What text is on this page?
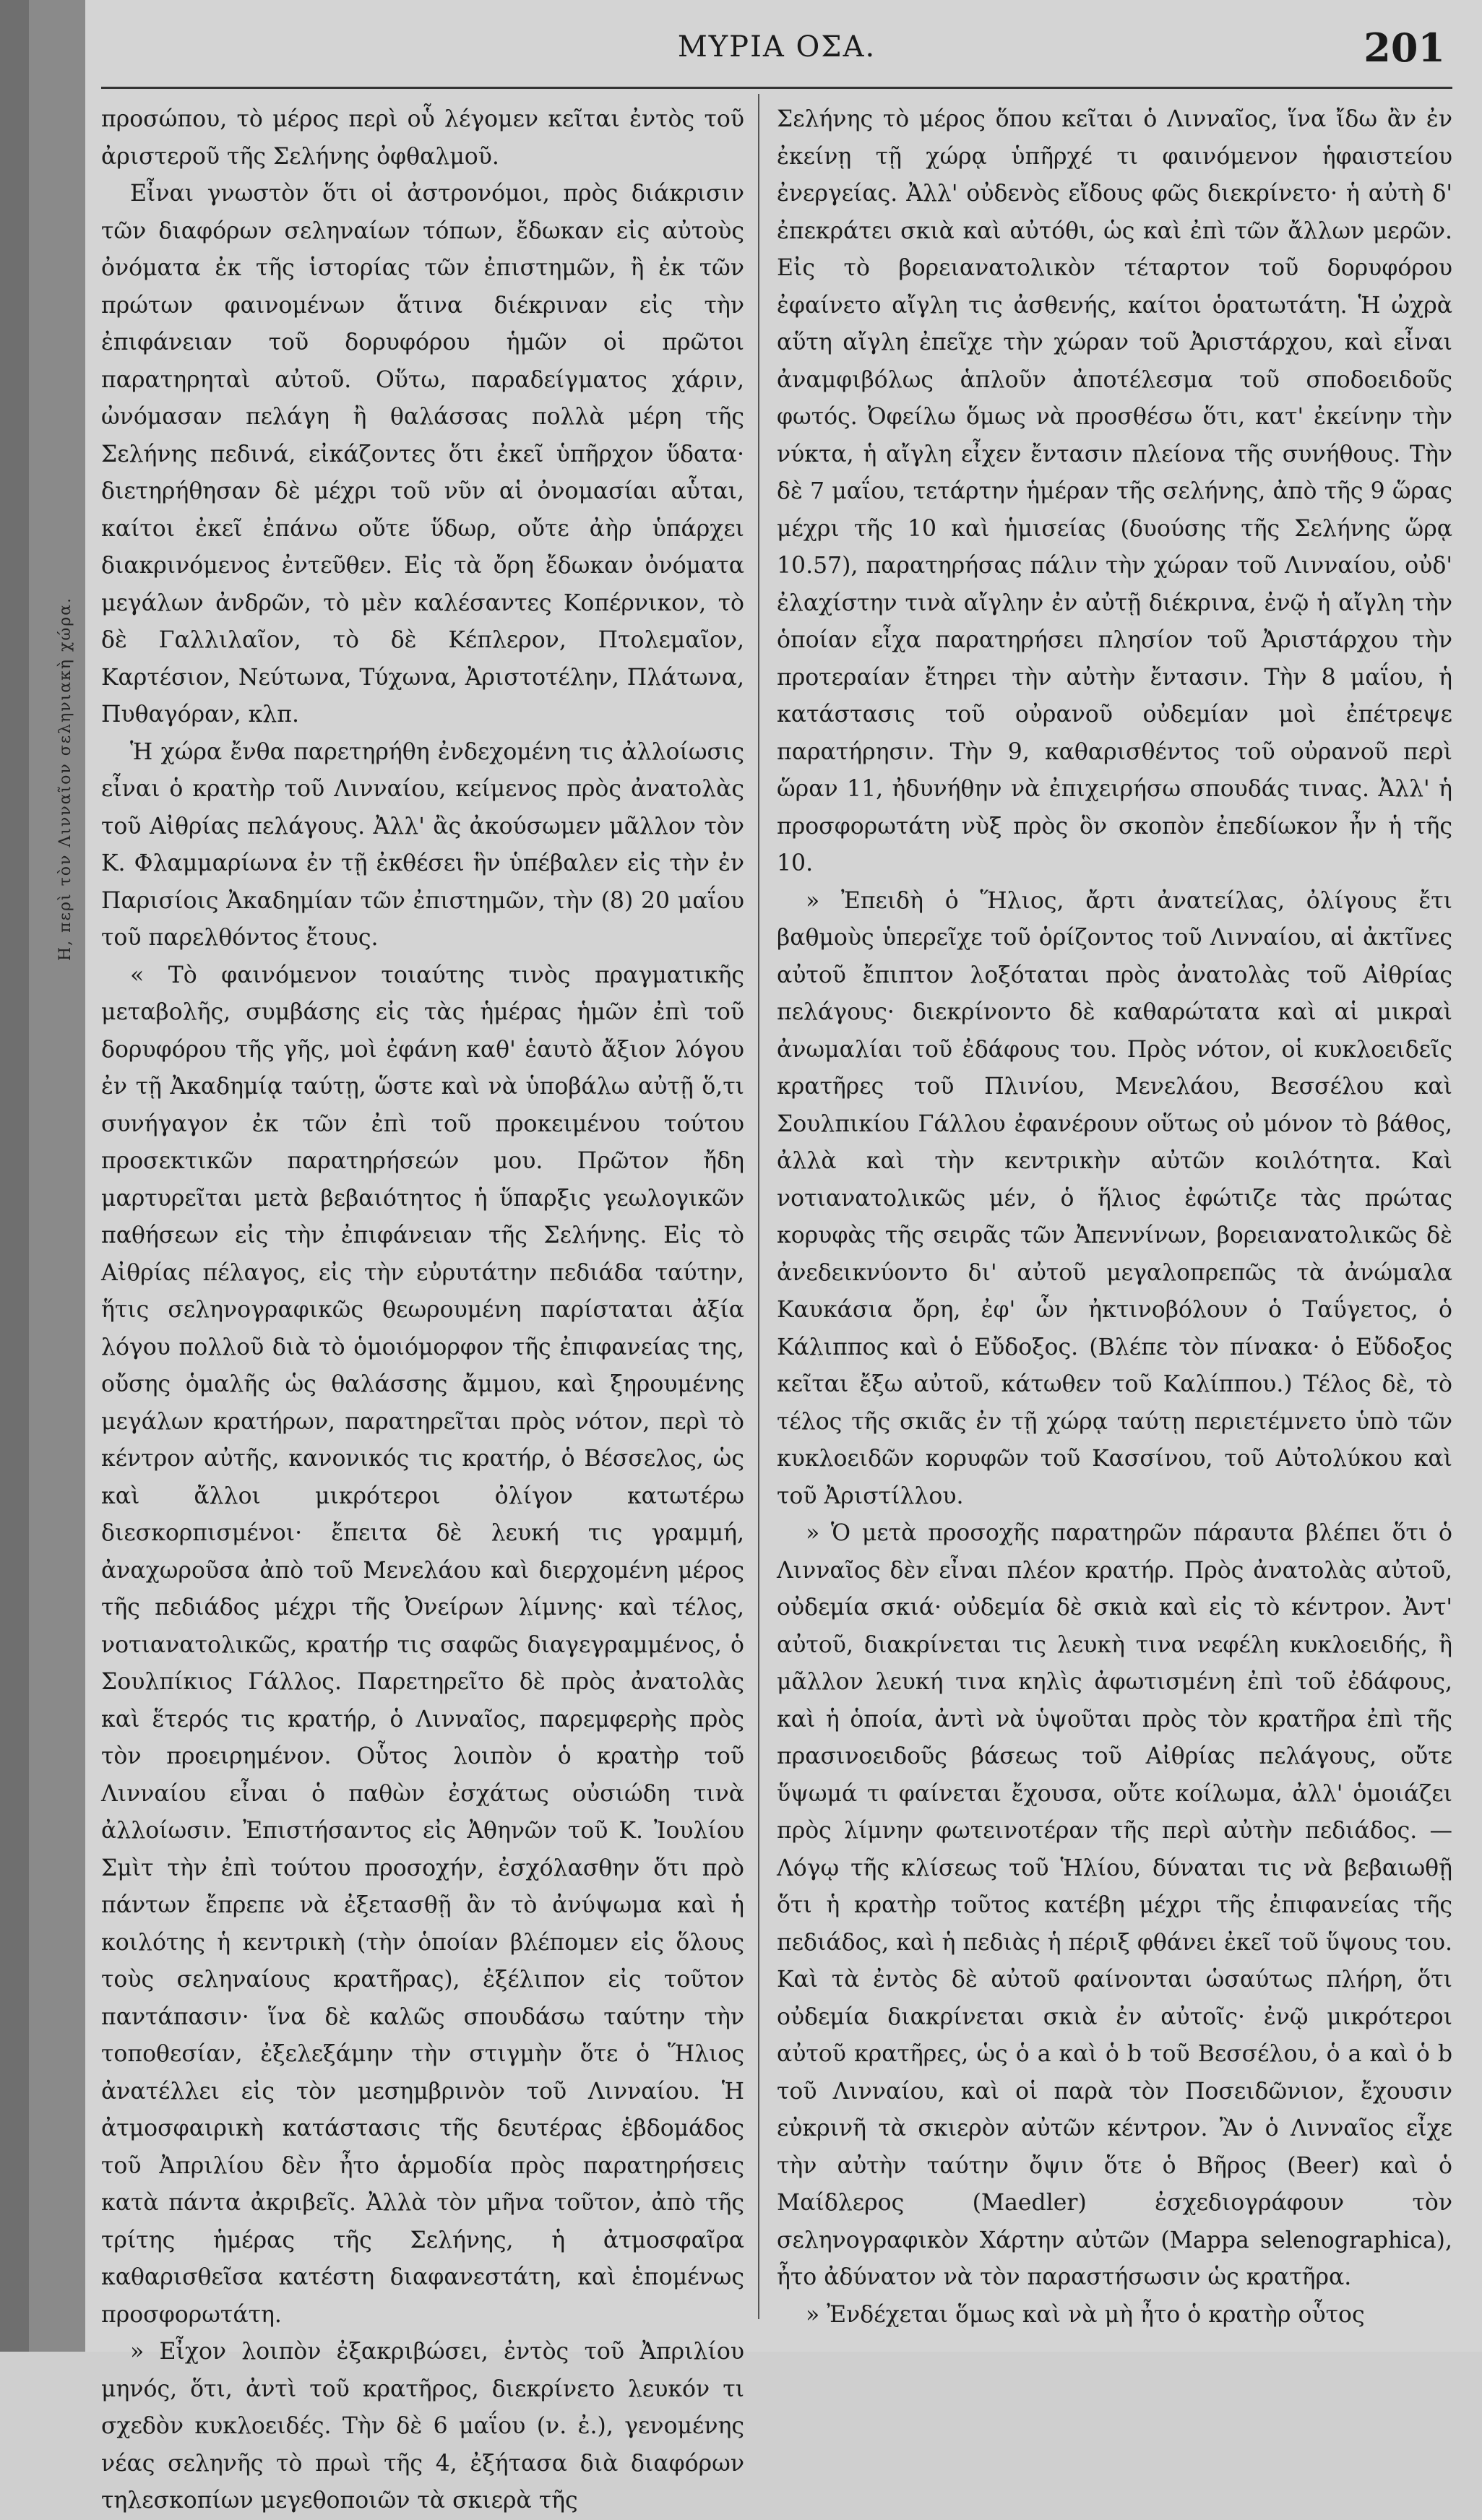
Η, περὶ τὸν Λινναῖον σεληνιακὴ χώρα.
ΜΥΡΙΑ ΟΣΑ.	201

προσώπου, τὸ μέρος περὶ οὗ λέγομεν κεῖται ἐντὸς τοῦ ἀριστεροῦ τῆς Σελήνης ὀφθαλμοῦ.

Εἶναι γνωστὸν ὅτι οἱ ἀστρονόμοι, πρὸς διάκρισιν τῶν διαφόρων σεληναίων τόπων, ἔδωκαν εἰς αὐτοὺς ὀνόματα ἐκ τῆς ἱστορίας τῶν ἐπιστημῶν, ἢ ἐκ τῶν πρώτων φαινομένων ἅτινα διέκριναν εἰς τὴν ἐπιφάνειαν τοῦ δορυφόρου ἡμῶν οἱ πρῶτοι παρατηρηταὶ αὐτοῦ. Οὕτω, παραδείγματος χάριν, ὠνόμασαν πελάγη ἢ θαλάσσας πολλὰ μέρη τῆς Σελήνης πεδινά, εἰκάζοντες ὅτι ἐκεῖ ὑπῆρχον ὕδατα· διετηρήθησαν δὲ μέχρι τοῦ νῦν αἱ ὀνομασίαι αὗται, καίτοι ἐκεῖ ἐπάνω οὔτε ὕδωρ, οὔτε ἀὴρ ὑπάρχει διακρινόμενος ἐντεῦθεν. Εἰς τὰ ὄρη ἔδωκαν ὀνόματα μεγάλων ἀνδρῶν, τὸ μὲν καλέσαντες Κοπέρνικον, τὸ δὲ Γαλλιλαῖον, τὸ δὲ Κέπλερον, Πτολεμαῖον, Καρτέσιον, Νεύτωνα, Τύχωνα, Ἀριστοτέλην, Πλάτωνα, Πυθαγόραν, κλπ.

Ἡ χώρα ἔνθα παρετηρήθη ἐνδεχομένη τις ἀλλοίωσις εἶναι ὁ κρατὴρ τοῦ Λινναίου, κείμενος πρὸς ἀνατολὰς τοῦ Αἰθρίας πελάγους. Ἀλλ' ἂς ἀκούσωμεν μᾶλλον τὸν Κ. Φλαμμαρίωνα ἐν τῇ ἐκθέσει ἣν ὑπέβαλεν εἰς τὴν ἐν Παρισίοις Ἀκαδημίαν τῶν ἐπιστημῶν, τὴν (8) 20 μαΐου τοῦ παρελθόντος ἔτους.

« Τὸ φαινόμενον τοιαύτης τινὸς πραγματικῆς μεταβολῆς, συμβάσης εἰς τὰς ἡμέρας ἡμῶν ἐπὶ τοῦ δορυφόρου τῆς γῆς, μοὶ ἐφάνη καθ' ἑαυτὸ ἄξιον λόγου ἐν τῇ Ἀκαδημίᾳ ταύτῃ, ὥστε καὶ νὰ ὑποβάλω αὐτῇ ὅ,τι συνήγαγον ἐκ τῶν ἐπὶ τοῦ προκειμένου τούτου προσεκτικῶν παρατηρήσεών μου. Πρῶτον ἤδη μαρτυρεῖται μετὰ βεβαιότητος ἡ ὕπαρξις γεωλογικῶν παθήσεων εἰς τὴν ἐπιφάνειαν τῆς Σελήνης. Εἰς τὸ Αἰθρίας πέλαγος, εἰς τὴν εὐρυτάτην πεδιάδα ταύτην, ἥτις σεληνογραφικῶς θεωρουμένη παρίσταται ἀξία λόγου πολλοῦ διὰ τὸ ὁμοιόμορφον τῆς ἐπιφανείας της, οὔσης ὁμαλῆς ὡς θαλάσσης ἄμμου, καὶ ξηρουμένης μεγάλων κρατήρων, παρατηρεῖται πρὸς νότον, περὶ τὸ κέντρον αὐτῆς, κανονικός τις κρατήρ, ὁ Βέσσελος, ὡς καὶ ἄλλοι μικρότεροι ὀλίγον κατωτέρω διεσκορπισμένοι· ἔπειτα δὲ λευκή τις γραμμή, ἀναχωροῦσα ἀπὸ τοῦ Μενελάου καὶ διερχομένη μέρος τῆς πεδιάδος μέχρι τῆς Ὀνείρων λίμνης· καὶ τέλος, νοτιανατολικῶς, κρατήρ τις σαφῶς διαγεγραμμένος, ὁ Σουλπίκιος Γάλλος. Παρετηρεῖτο δὲ πρὸς ἀνατολὰς καὶ ἕτερός τις κρατήρ, ὁ Λινναῖος, παρεμφερὴς πρὸς τὸν προειρημένον. Οὗτος λοιπὸν ὁ κρατὴρ τοῦ Λινναίου εἶναι ὁ παθὼν ἐσχάτως οὐσιώδη τινὰ ἀλλοίωσιν. Ἐπιστήσαντος εἰς Ἀθηνῶν τοῦ Κ. Ἰουλίου Σμὶτ τὴν ἐπὶ τούτου προσοχήν, ἐσχόλασθην ὅτι πρὸ πάντων ἔπρεπε νὰ ἐξετασθῇ ἂν τὸ ἀνύψωμα καὶ ἡ κοιλότης ἡ κεντρικὴ (τὴν ὁποίαν βλέπομεν εἰς ὅλους τοὺς σεληναίους κρατῆρας), ἐξέλιπον εἰς τοῦτον παντάπασιν· ἵνα δὲ καλῶς σπουδάσω ταύτην τὴν τοποθεσίαν, ἐξελεξάμην τὴν στιγμὴν ὅτε ὁ Ἥλιος ἀνατέλλει εἰς τὸν μεσημβρινὸν τοῦ Λινναίου. Ἡ ἀτμοσφαιρικὴ κατάστασις τῆς δευτέρας ἑβδομάδος τοῦ Ἀπριλίου δὲν ἦτο ἁρμοδία πρὸς παρατηρήσεις κατὰ πάντα ἀκριβεῖς. Ἀλλὰ τὸν μῆνα τοῦτον, ἀπὸ τῆς τρίτης ἡμέρας τῆς Σελήνης, ἡ ἀτμοσφαῖρα καθαρισθεῖσα κατέστη διαφανεστάτη, καὶ ἑπομένως προσφορωτάτη.

» Εἶχον λοιπὸν ἐξακριβώσει, ἐντὸς τοῦ Ἀπριλίου μηνός, ὅτι, ἀντὶ τοῦ κρατῆρος, διεκρίνετο λευκόν τι σχεδὸν κυκλοειδές. Τὴν δὲ 6 μαΐου (ν. ἐ.), γενομένης νέας σεληνῆς τὸ πρωὶ τῆς 4, ἐξήτασα διὰ διαφόρων τηλεσκοπίων μεγεθοποιῶν τὰ σκιερὰ τῆς

Σελήνης τὸ μέρος ὅπου κεῖται ὁ Λινναῖος, ἵνα ἴδω ἂν ἐν ἐκείνῃ τῇ χώρᾳ ὑπῆρχέ τι φαινόμενον ἡφαιστείου ἐνεργείας. Ἀλλ' οὐδενὸς εἴδους φῶς διεκρίνετο· ἡ αὐτὴ δ' ἐπεκράτει σκιὰ καὶ αὐτόθι, ὡς καὶ ἐπὶ τῶν ἄλλων μερῶν. Εἰς τὸ βορειανατολικὸν τέταρτον τοῦ δορυφόρου ἐφαίνετο αἴγλη τις ἀσθενής, καίτοι ὁρατωτάτη. Ἡ ὠχρὰ αὕτη αἴγλη ἐπεῖχε τὴν χώραν τοῦ Ἀριστάρχου, καὶ εἶναι ἀναμφιβόλως ἁπλοῦν ἀποτέλεσμα τοῦ σποδοειδοῦς φωτός. Ὀφείλω ὅμως νὰ προσθέσω ὅτι, κατ' ἐκείνην τὴν νύκτα, ἡ αἴγλη εἶχεν ἔντασιν πλείονα τῆς συνήθους. Τὴν δὲ 7 μαΐου, τετάρτην ἡμέραν τῆς σελήνης, ἀπὸ τῆς 9 ὥρας μέχρι τῆς 10 καὶ ἡμισείας (δυούσης τῆς Σελήνης ὥρᾳ 10.57), παρατηρήσας πάλιν τὴν χώραν τοῦ Λινναίου, οὐδ' ἐλαχίστην τινὰ αἴγλην ἐν αὐτῇ διέκρινα, ἐνῷ ἡ αἴγλη τὴν ὁποίαν εἶχα παρατηρήσει πλησίον τοῦ Ἀριστάρχου τὴν προτεραίαν ἔτηρει τὴν αὐτὴν ἔντασιν. Τὴν 8 μαΐου, ἡ κατάστασις τοῦ οὐρανοῦ οὐδεμίαν μοὶ ἐπέτρεψε παρατήρησιν. Τὴν 9, καθαρισθέντος τοῦ οὐρανοῦ περὶ ὥραν 11, ἠδυνήθην νὰ ἐπιχειρήσω σπουδάς τινας. Ἀλλ' ἡ προσφορωτάτη νὺξ πρὸς ὃν σκοπὸν ἐπεδίωκον ἦν ἡ τῆς 10.

» Ἐπειδὴ ὁ Ἥλιος, ἄρτι ἀνατείλας, ὀλίγους ἔτι βαθμοὺς ὑπερεῖχε τοῦ ὁρίζοντος τοῦ Λινναίου, αἱ ἀκτῖνες αὐτοῦ ἔπιπτον λοξόταται πρὸς ἀνατολὰς τοῦ Αἰθρίας πελάγους· διεκρίνοντο δὲ καθαρώτατα καὶ αἱ μικραὶ ἀνωμαλίαι τοῦ ἐδάφους του. Πρὸς νότον, οἱ κυκλοειδεῖς κρατῆρες τοῦ Πλινίου, Μενελάου, Βεσσέλου καὶ Σουλπικίου Γάλλου ἐφανέρουν οὕτως οὐ μόνον τὸ βάθος, ἀλλὰ καὶ τὴν κεντρικὴν αὐτῶν κοιλότητα. Καὶ νοτιανατολικῶς μέν, ὁ ἥλιος ἐφώτιζε τὰς πρώτας κορυφὰς τῆς σειρᾶς τῶν Ἀπεννίνων, βορειανατολικῶς δὲ ἀνεδεικνύοντο δι' αὐτοῦ μεγαλοπρεπῶς τὰ ἀνώμαλα Καυκάσια ὄρη, ἐφ' ὧν ἠκτινοβόλουν ὁ Ταΰγετος, ὁ Κάλιππος καὶ ὁ Εὔδοξος. (Βλέπε τὸν πίνακα· ὁ Εὔδοξος κεῖται ἔξω αὐτοῦ, κάτωθεν τοῦ Καλίππου.) Τέλος δὲ, τὸ τέλος τῆς σκιᾶς ἐν τῇ χώρᾳ ταύτῃ περιετέμνετο ὑπὸ τῶν κυκλοειδῶν κορυφῶν τοῦ Κασσίνου, τοῦ Αὐτολύκου καὶ τοῦ Ἀριστίλλου.

» Ὁ μετὰ προσοχῆς παρατηρῶν πάραυτα βλέπει ὅτι ὁ Λινναῖος δὲν εἶναι πλέον κρατήρ. Πρὸς ἀνατολὰς αὐτοῦ, οὐδεμία σκιά· οὐδεμία δὲ σκιὰ καὶ εἰς τὸ κέντρον. Ἀντ' αὐτοῦ, διακρίνεται τις λευκὴ τινα νεφέλη κυκλοειδής, ἢ μᾶλλον λευκή τινα κηλὶς ἀφωτισμένη ἐπὶ τοῦ ἐδάφους, καὶ ἡ ὁποία, ἀντὶ νὰ ὑψοῦται πρὸς τὸν κρατῆρα ἐπὶ τῆς πρασινοειδοῦς βάσεως τοῦ Αἰθρίας πελάγους, οὔτε ὕψωμά τι φαίνεται ἔχουσα, οὔτε κοίλωμα, ἀλλ' ὁμοιάζει πρὸς λίμνην φωτεινοτέραν τῆς περὶ αὐτὴν πεδιάδος. — Λόγῳ τῆς κλίσεως τοῦ Ἡλίου, δύναται τις νὰ βεβαιωθῇ ὅτι ἡ κρατὴρ τοῦτος κατέβη μέχρι τῆς ἐπιφανείας τῆς πεδιάδος, καὶ ἡ πεδιὰς ἡ πέριξ φθάνει ἐκεῖ τοῦ ὕψους του. Καὶ τὰ ἐντὸς δὲ αὐτοῦ φαίνονται ὡσαύτως πλήρη, ὅτι οὐδεμία διακρίνεται σκιὰ ἐν αὐτοῖς· ἐνῷ μικρότεροι αὐτοῦ κρατῆρες, ὡς ὁ a καὶ ὁ b τοῦ Βεσσέλου, ὁ a καὶ ὁ b τοῦ Λινναίου, καὶ οἱ παρὰ τὸν Ποσειδῶνιον, ἔχουσιν εὐκρινῆ τὰ σκιερὸν αὐτῶν κέντρον. Ἂν ὁ Λινναῖος εἶχε τὴν αὐτὴν ταύτην ὄψιν ὅτε ὁ Βῆρος (Beer) καὶ ὁ Μαίδλερος (Maedler) ἐσχεδιογράφουν τὸν σεληνογραφικὸν Χάρτην αὐτῶν (Mappa selenographica), ἦτο ἀδύνατον νὰ τὸν παραστήσωσιν ὡς κρατῆρα.

» Ἐνδέχεται ὅμως καὶ νὰ μὴ ἦτο ὁ κρατὴρ οὗτος
